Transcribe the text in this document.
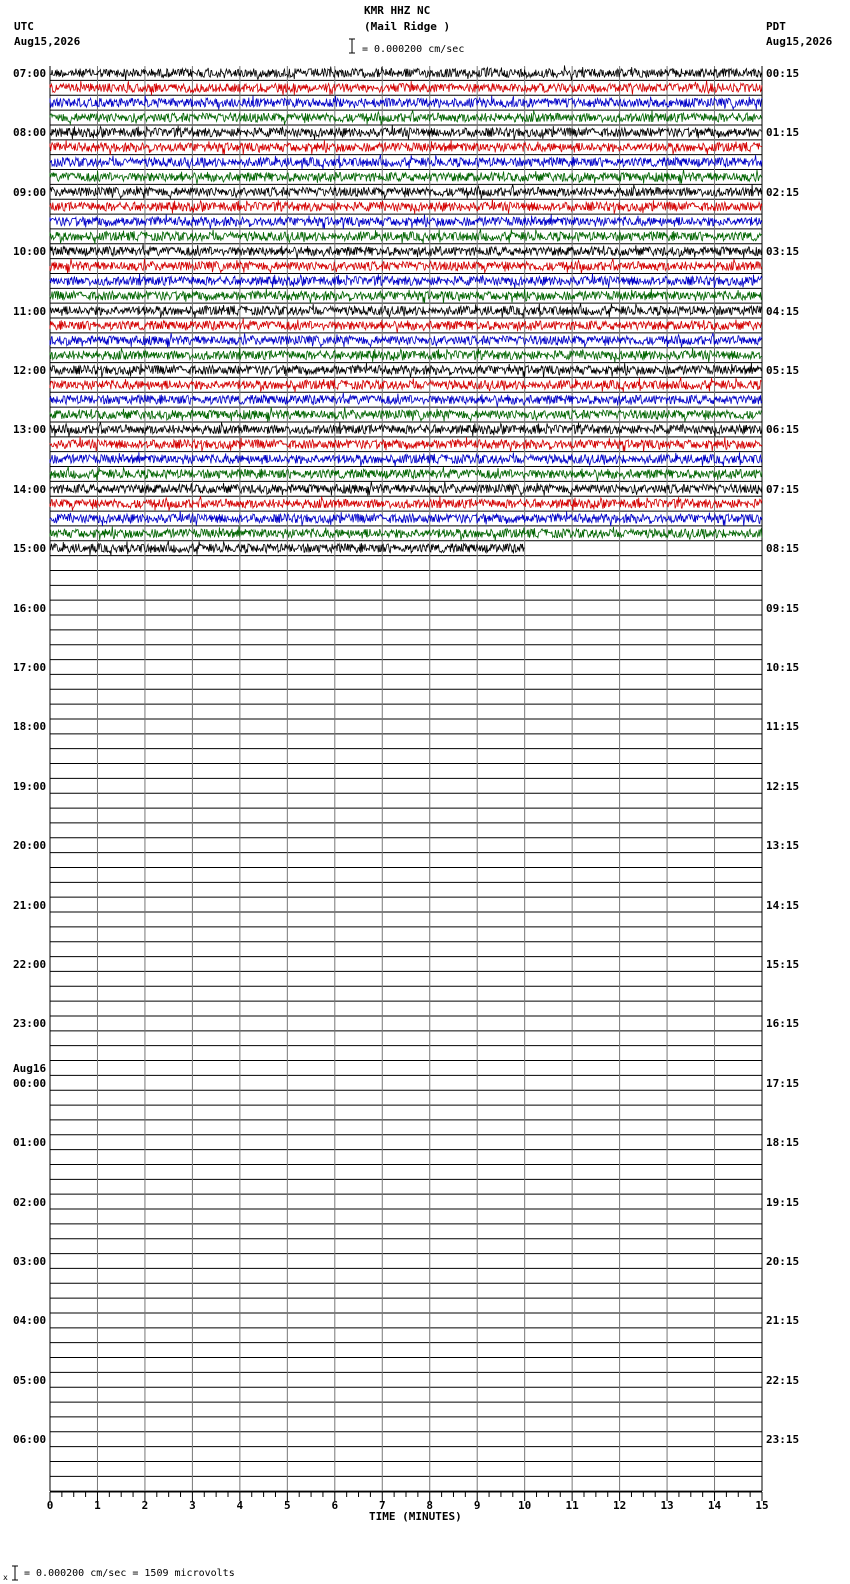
0	1	2	3	4	5	6	7	8	9	10	11	12	13	14	15
KMR HHZ NC
(Mail Ridge )
= 0.000200 cm/sec
UTC
Aug15,2026
PDT
Aug15,2026
07:00
08:00
09:00
10:00
11:00
12:00
13:00
14:00
15:00
16:00
17:00
18:00
19:00
20:00
21:00
22:00
23:00
00:00
Aug16
01:00
02:00
03:00
04:00
05:00
06:00
00:15
01:15
02:15
03:15
04:15
05:15
06:15
07:15
08:15
09:15
10:15
11:15
12:15
13:15
14:15
15:15
16:15
17:15
18:15
19:15
20:15
21:15
22:15
23:15
TIME (MINUTES)
x = 0.000200 cm/sec = 1509 microvolts
